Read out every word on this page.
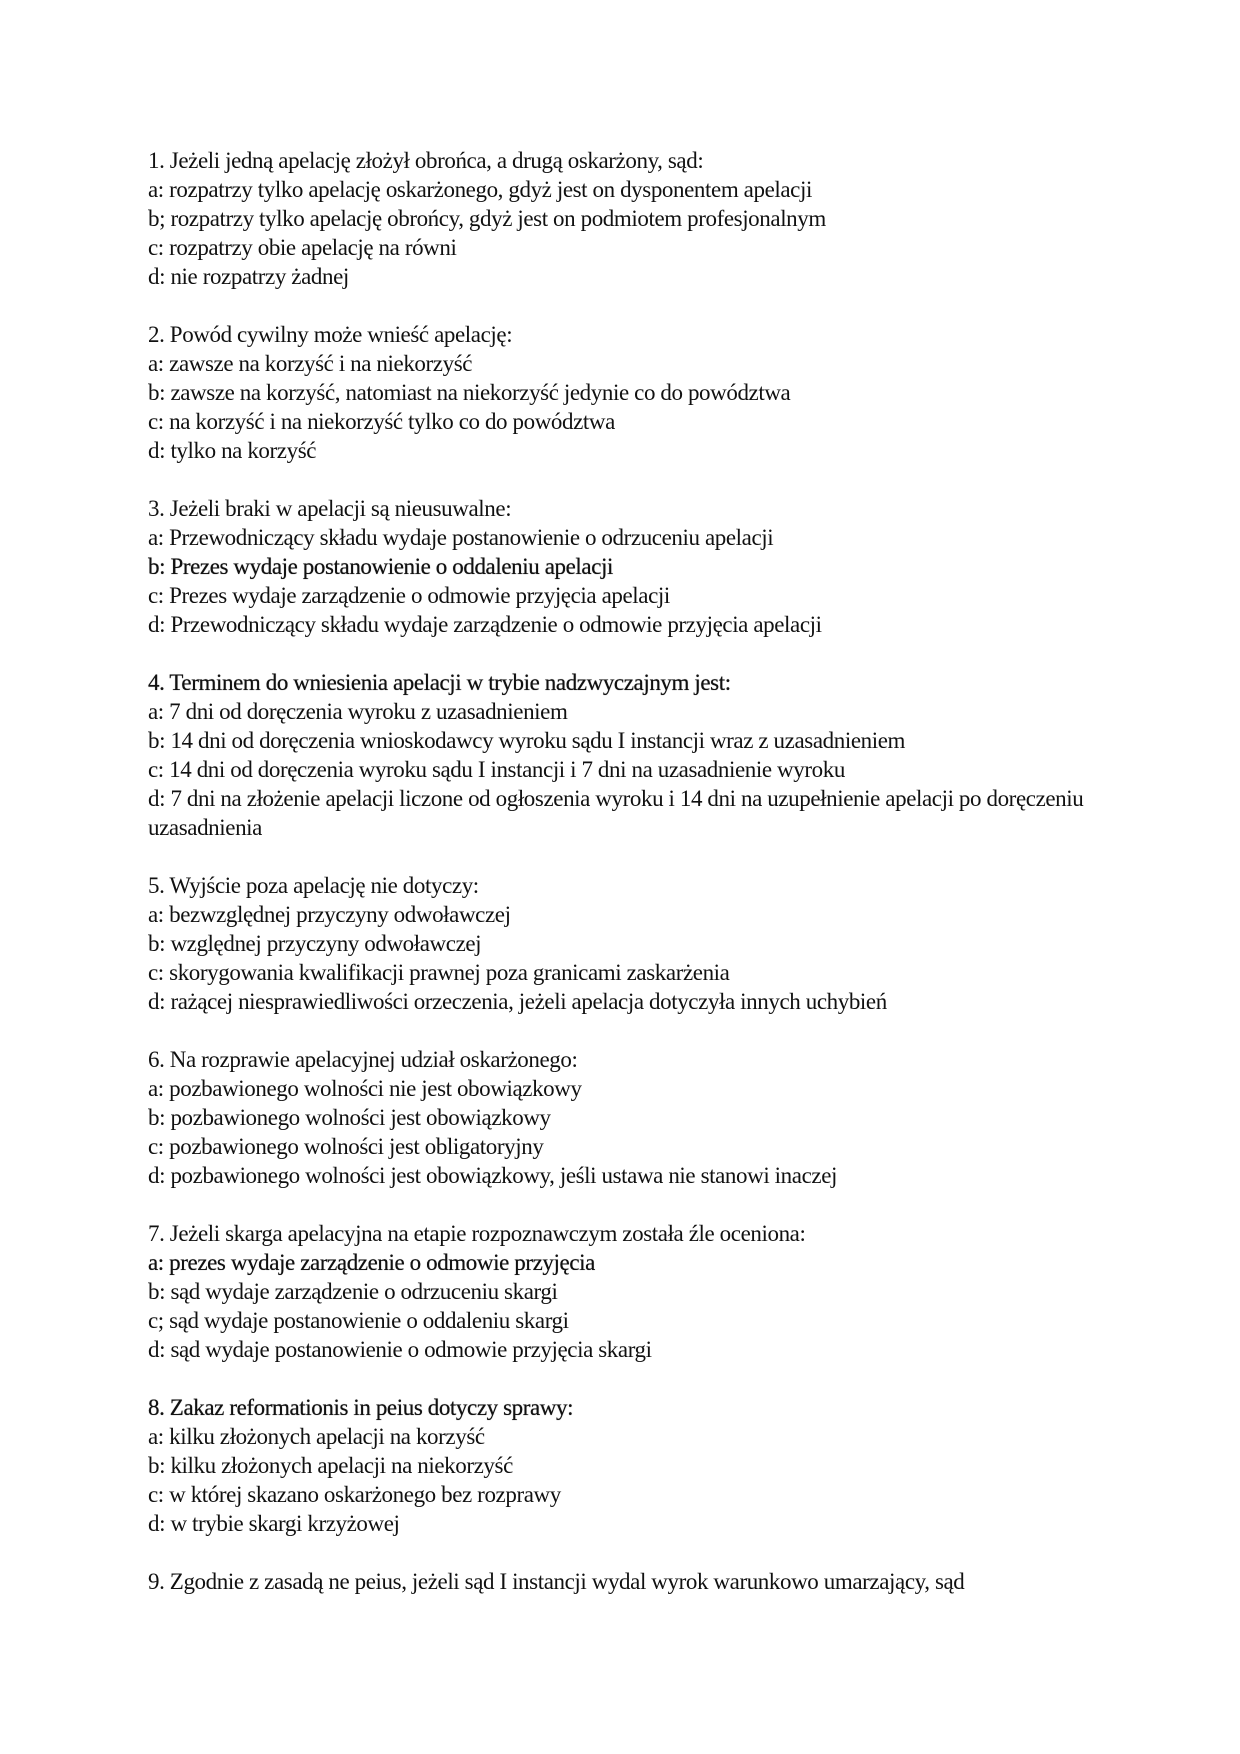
1. Jeżeli jedną apelację złożył obrońca, a drugą oskarżony, sąd:
a: rozpatrzy tylko apelację oskarżonego, gdyż jest on dysponentem apelacji
b; rozpatrzy tylko apelację obrońcy, gdyż jest on podmiotem profesjonalnym
c: rozpatrzy obie apelację na równi
d: nie rozpatrzy żadnej
2. Powód cywilny może wnieść apelację:
a: zawsze na korzyść i na niekorzyść
b: zawsze na korzyść, natomiast na niekorzyść jedynie co do powództwa
c: na korzyść i na niekorzyść tylko co do powództwa
d: tylko na korzyść
3. Jeżeli braki w apelacji są nieusuwalne:
a: Przewodniczący składu wydaje postanowienie o odrzuceniu apelacji
b: Prezes wydaje postanowienie o oddaleniu apelacji
c: Prezes wydaje zarządzenie o odmowie przyjęcia apelacji
d: Przewodniczący składu wydaje zarządzenie o odmowie przyjęcia apelacji
4. Terminem do wniesienia apelacji w trybie nadzwyczajnym jest:
a: 7 dni od doręczenia wyroku z uzasadnieniem
b: 14 dni od doręczenia wnioskodawcy wyroku sądu I instancji wraz z uzasadnieniem
c: 14 dni od doręczenia wyroku sądu I instancji i 7 dni na uzasadnienie wyroku
d: 7 dni na złożenie apelacji liczone od ogłoszenia wyroku i 14 dni na uzupełnienie apelacji po doręczeniu uzasadnienia
5. Wyjście poza apelację nie dotyczy:
a: bezwzględnej przyczyny odwoławczej
b: względnej przyczyny odwoławczej
c: skorygowania kwalifikacji prawnej poza granicami zaskarżenia
d: rażącej niesprawiedliwości orzeczenia, jeżeli apelacja dotyczyła innych uchybień
6. Na rozprawie apelacyjnej udział oskarżonego:
a: pozbawionego wolności nie jest obowiązkowy
b: pozbawionego wolności jest obowiązkowy
c: pozbawionego wolności jest obligatoryjny
d: pozbawionego wolności jest obowiązkowy, jeśli ustawa nie stanowi inaczej
7. Jeżeli skarga apelacyjna na etapie rozpoznawczym została źle oceniona:
a: prezes wydaje zarządzenie o odmowie przyjęcia
b: sąd wydaje zarządzenie o odrzuceniu skargi
c; sąd wydaje postanowienie o oddaleniu skargi
d: sąd wydaje postanowienie o odmowie przyjęcia skargi
8. Zakaz reformationis in peius dotyczy sprawy:
a: kilku złożonych apelacji na korzyść
b: kilku złożonych apelacji na niekorzyść
c: w której skazano oskarżonego bez rozprawy
d: w trybie skargi krzyżowej
9. Zgodnie z zasadą ne peius, jeżeli sąd I instancji wydal wyrok warunkowo umarzający, sąd
